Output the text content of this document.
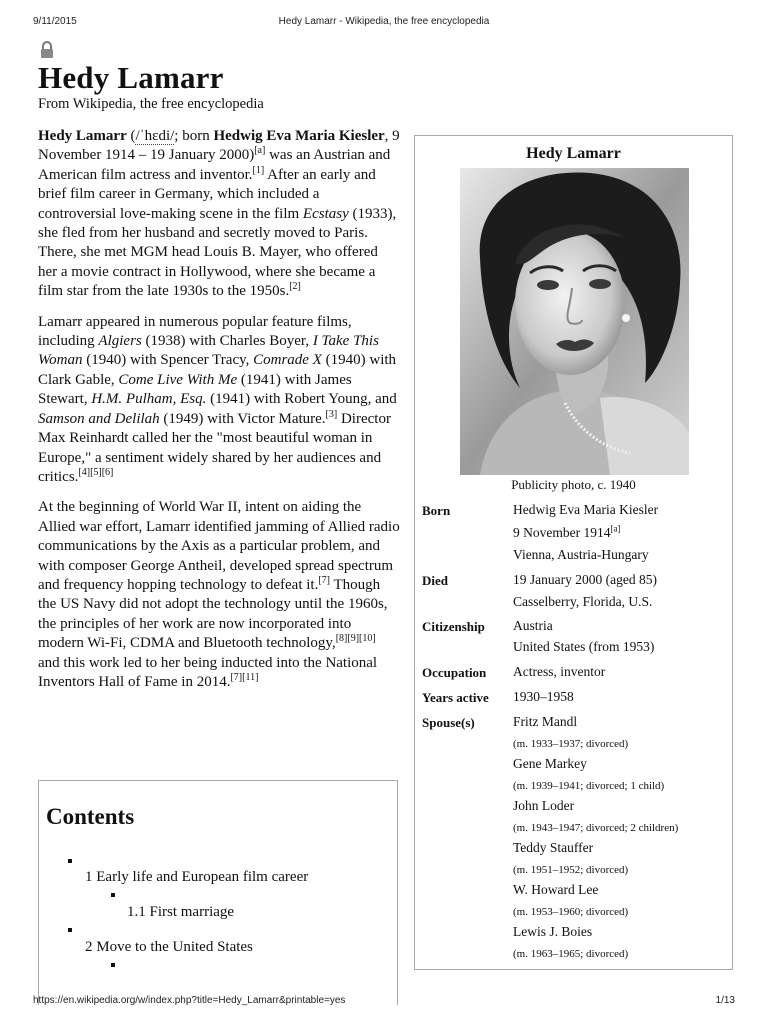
9/11/2015	Hedy Lamarr - Wikipedia, the free encyclopedia
Hedy Lamarr
From Wikipedia, the free encyclopedia

Hedy Lamarr (/ˈhɛdi/; born Hedwig Eva Maria Kiesler, 9 November 1914 – 19 January 2000)[a] was an Austrian and American film actress and inventor.[1] After an early and brief film career in Germany, which included a controversial love-making scene in the film Ecstasy (1933), she fled from her husband and secretly moved to Paris. There, she met MGM head Louis B. Mayer, who offered her a movie contract in Hollywood, where she became a film star from the late 1930s to the 1950s.[2]

Lamarr appeared in numerous popular feature films, including Algiers (1938) with Charles Boyer, I Take This Woman (1940) with Spencer Tracy, Comrade X (1940) with Clark Gable, Come Live With Me (1941) with James Stewart, H.M. Pulham, Esq. (1941) with Robert Young, and Samson and Delilah (1949) with Victor Mature.[3] Director Max Reinhardt called her the "most beautiful woman in Europe," a sentiment widely shared by her audiences and critics.[4][5][6]

At the beginning of World War II, intent on aiding the Allied war effort, Lamarr identified jamming of Allied radio communications by the Axis as a particular problem, and with composer George Antheil, developed spread spectrum and frequency hopping technology to defeat it.[7] Though the US Navy did not adopt the technology until the 1960s, the principles of her work are now incorporated into modern Wi-Fi, CDMA and Bluetooth technology,[8][9][10] and this work led to her being inducted into the National Inventors Hall of Fame in 2014.[7][11]

Contents
1 Early life and European film career
1.1 First marriage
2 Move to the United States
Hedy Lamarr
Publicity photo, c. 1940
Born	Hedwig Eva Maria Kiesler
9 November 1914[a]
Vienna, Austria-Hungary
Died	19 January 2000 (aged 85)
Casselberry, Florida, U.S.
Citizenship Austria
United States (from 1953)
Occupation Actress, inventor
Years active 1930–1958
Spouse(s)	Fritz Mandl
(m. 1933–1937; divorced)
Gene Markey
(m. 1939–1941; divorced; 1 child)
John Loder
(m. 1943–1947; divorced; 2 children)
Teddy Stauffer
(m. 1951–1952; divorced)
W. Howard Lee
(m. 1953–1960; divorced)
Lewis J. Boies
(m. 1963–1965; divorced)
https://en.wikipedia.org/w/index.php?title=Hedy_Lamarr&printable=yes	1/13
